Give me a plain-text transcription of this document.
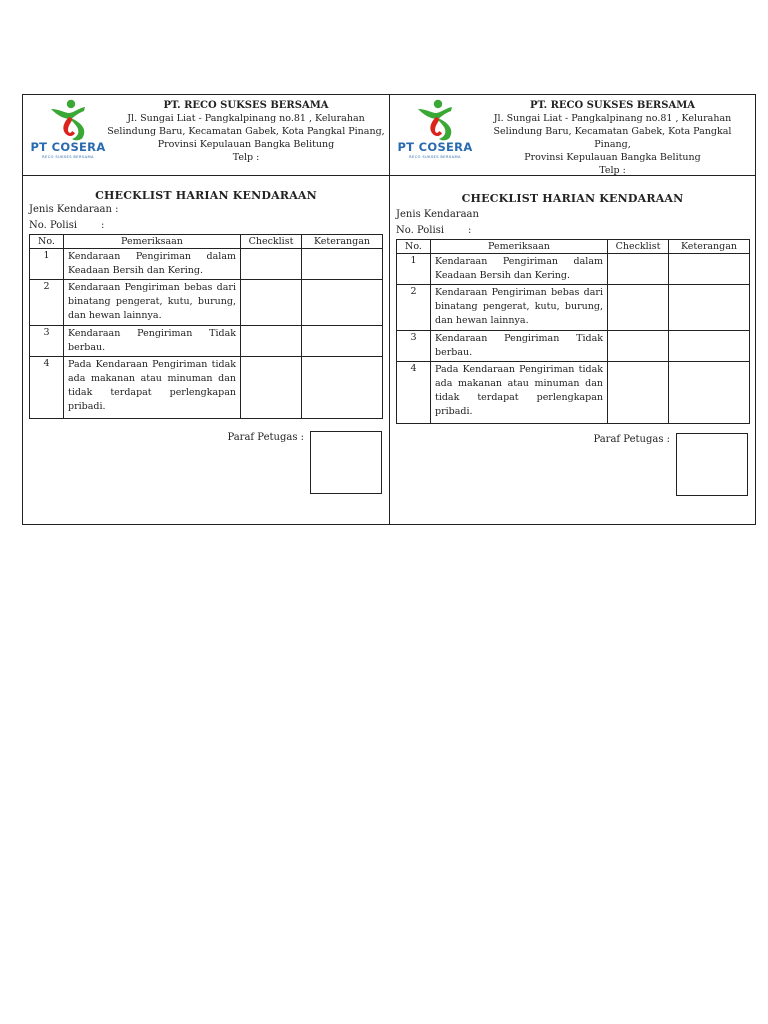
PT COSERA
RECO SUKSES BERSAMA
PT. RECO SUKSES BERSAMA
Jl. Sungai Liat - Pangkalpinang no.81 , Kelurahan
Selindung Baru, Kecamatan Gabek, Kota Pangkal Pinang,
Provinsi Kepulauan Bangka Belitung
Telp :
CHECKLIST HARIAN KENDARAAN
Jenis Kendaraan :
No. Polisi :
No.	Pemeriksaan	Checklist	Keterangan
1	Kendaraan Pengiriman dalam Keadaan Bersih dan Kering.		
2	Kendaraan Pengiriman bebas dari binatang pengerat, kutu, burung, dan hewan lainnya.		
3	Kendaraan Pengiriman Tidak berbau.		
4	Pada Kendaraan Pengiriman tidak ada makanan atau minuman dan tidak terdapat perlengkapan pribadi.		
Paraf Petugas :
PT COSERA
RECO SUKSES BERSAMA
PT. RECO SUKSES BERSAMA
Jl. Sungai Liat - Pangkalpinang no.81 , Kelurahan
Selindung Baru, Kecamatan Gabek, Kota Pangkal Pinang,
Provinsi Kepulauan Bangka Belitung
Telp :
CHECKLIST HARIAN KENDARAAN
Jenis Kendaraan
No. Polisi :
No.	Pemeriksaan	Checklist	Keterangan
1	Kendaraan Pengiriman dalam Keadaan Bersih dan Kering.		
2	Kendaraan Pengiriman bebas dari binatang pengerat, kutu, burung, dan hewan lainnya.		
3	Kendaraan Pengiriman Tidak berbau.		
4	Pada Kendaraan Pengiriman tidak ada makanan atau minuman dan tidak terdapat perlengkapan pribadi.		
Paraf Petugas :
